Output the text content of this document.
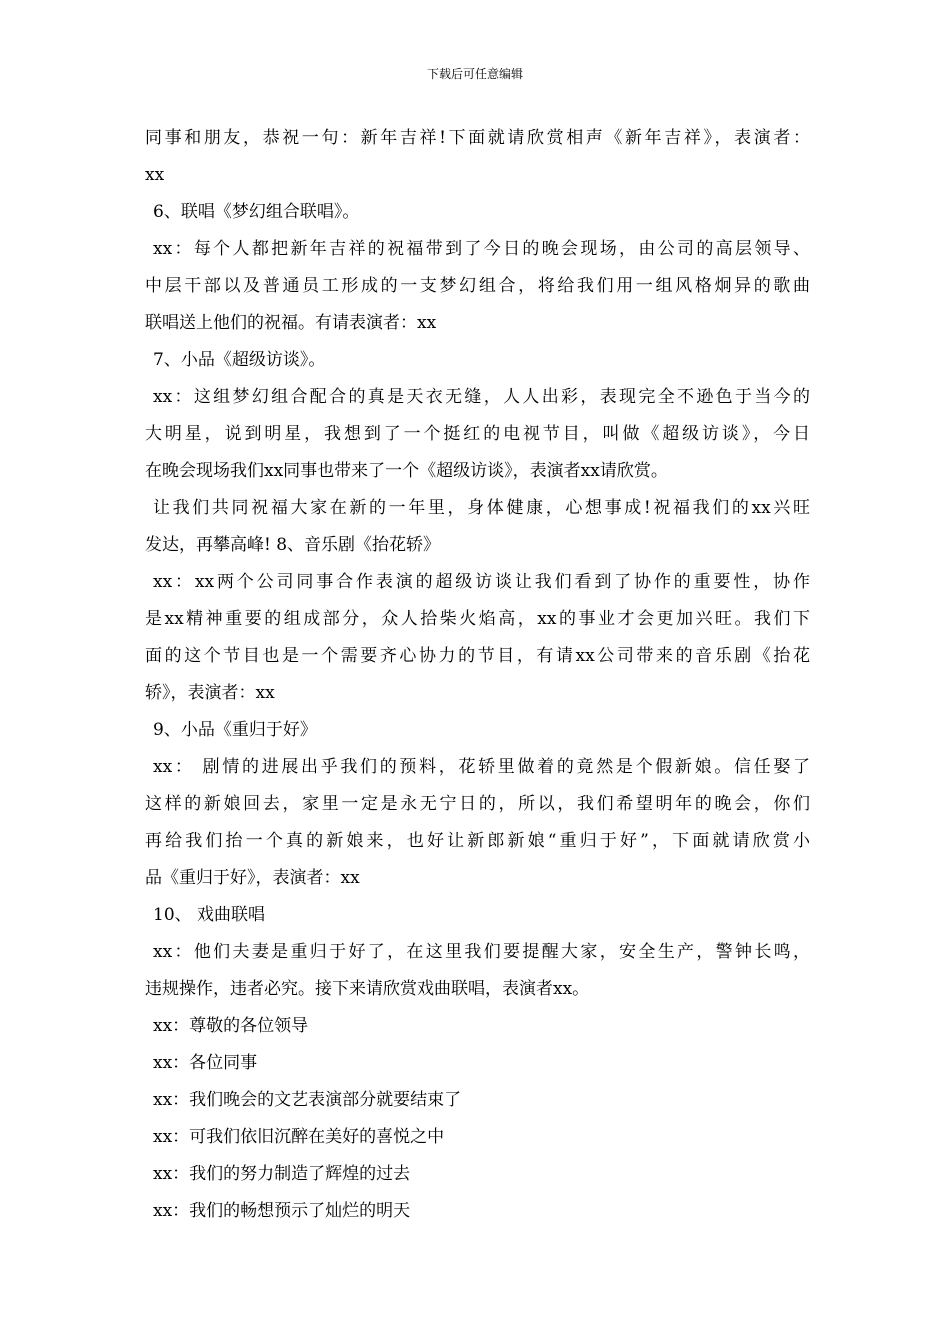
下载后可任意编辑
同事和朋友，恭祝一句：新年吉祥!下面就请欣赏相声《新年吉祥》，表演者：
xx
6、联唱《梦幻组合联唱》。
xx：每个人都把新年吉祥的祝福带到了今日的晚会现场，由公司的高层领导、
中层干部以及普通员工形成的一支梦幻组合，将给我们用一组风格炯异的歌曲
联唱送上他们的祝福。有请表演者：xx
7、小品《超级访谈》。
xx：这组梦幻组合配合的真是天衣无缝，人人出彩，表现完全不逊色于当今的
大明星，说到明星，我想到了一个挺红的电视节目，叫做《超级访谈》，今日
在晚会现场我们xx同事也带来了一个《超级访谈》，表演者xx请欣赏。
让我们共同祝福大家在新的一年里，身体健康，心想事成!祝福我们的xx兴旺
发达，再攀高峰! 8、音乐剧《抬花轿》
xx：xx两个公司同事合作表演的超级访谈让我们看到了协作的重要性，协作
是xx精神重要的组成部分，众人拾柴火焰高，xx的事业才会更加兴旺。我们下
面的这个节目也是一个需要齐心协力的节目，有请xx公司带来的音乐剧《抬花
轿》，表演者：xx
9、小品《重归于好》
xx： 剧情的进展出乎我们的预料，花轿里做着的竟然是个假新娘。信任娶了
这样的新娘回去，家里一定是永无宁日的，所以，我们希望明年的晚会，你们
再给我们抬一个真的新娘来，也好让新郎新娘“重归于好”，下面就请欣赏小
品《重归于好》，表演者：xx
10、 戏曲联唱
xx：他们夫妻是重归于好了，在这里我们要提醒大家，安全生产，警钟长鸣，
违规操作，违者必究。接下来请欣赏戏曲联唱，表演者xx。
xx：尊敬的各位领导
xx：各位同事
xx：我们晚会的文艺表演部分就要结束了
xx：可我们依旧沉醉在美好的喜悦之中
xx：我们的努力制造了辉煌的过去
xx：我们的畅想预示了灿烂的明天
